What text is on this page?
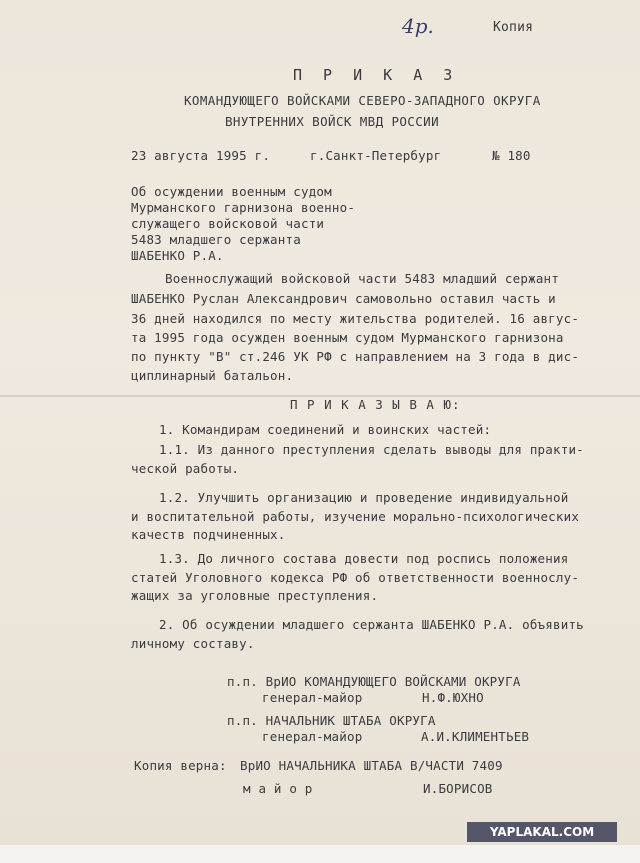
4р.	Копия
П Р И К А З
КОМАНДУЮЩЕГО ВОЙСКАМИ СЕВЕРО-ЗАПАДНОГО ОКРУГА
ВНУТРЕННИХ ВОЙСК МВД РОССИИ
23 августа 1995 г.	г.Санкт-Петербург	№ 180
Об осуждении военным судом
Мурманского гарнизона военно-
служащего войсковой части
5483 младшего сержанта
ШАБЕНКО Р.А.
Военнослужащий войсковой части 5483 младший сержант
ШАБЕНКО Руслан Александрович самовольно оставил часть и
36 дней находился по месту жительства родителей. 16 авгус-
та 1995 года осужден военным судом Мурманского гарнизона
по пункту "В" ст.246 УК РФ с направлением на 3 года в дис-
циплинарный батальон.
П Р И К А З Ы В А Ю:
1. Командирам соединений и воинских частей:
1.1. Из данного преступления сделать выводы для практи-
ческой работы.
1.2. Улучшить организацию и проведение индивидуальной
и воспитательной работы, изучение морально-психологических
качеств подчиненных.
1.3. До личного состава довести под роспись положения
статей Уголовного кодекса РФ об ответственности военнослу-
жащих за уголовные преступления.
2. Об осуждении младшего сержанта ШАБЕНКО Р.А. объявить
личному составу.
п.п. ВрИО КОМАНДУЮЩЕГО ВОЙСКАМИ ОКРУГА
генерал-майор	Н.Ф.ЮХНО
п.п. НАЧАЛЬНИК ШТАБА ОКРУГА
генерал-майор	А.И.КЛИМЕНТЬЕВ
Копия верна: ВрИО НАЧАЛЬНИКА ШТАБА В/ЧАСТИ 7409
м а й о р	И.БОРИСОВ
YAPLAKAL.COM
